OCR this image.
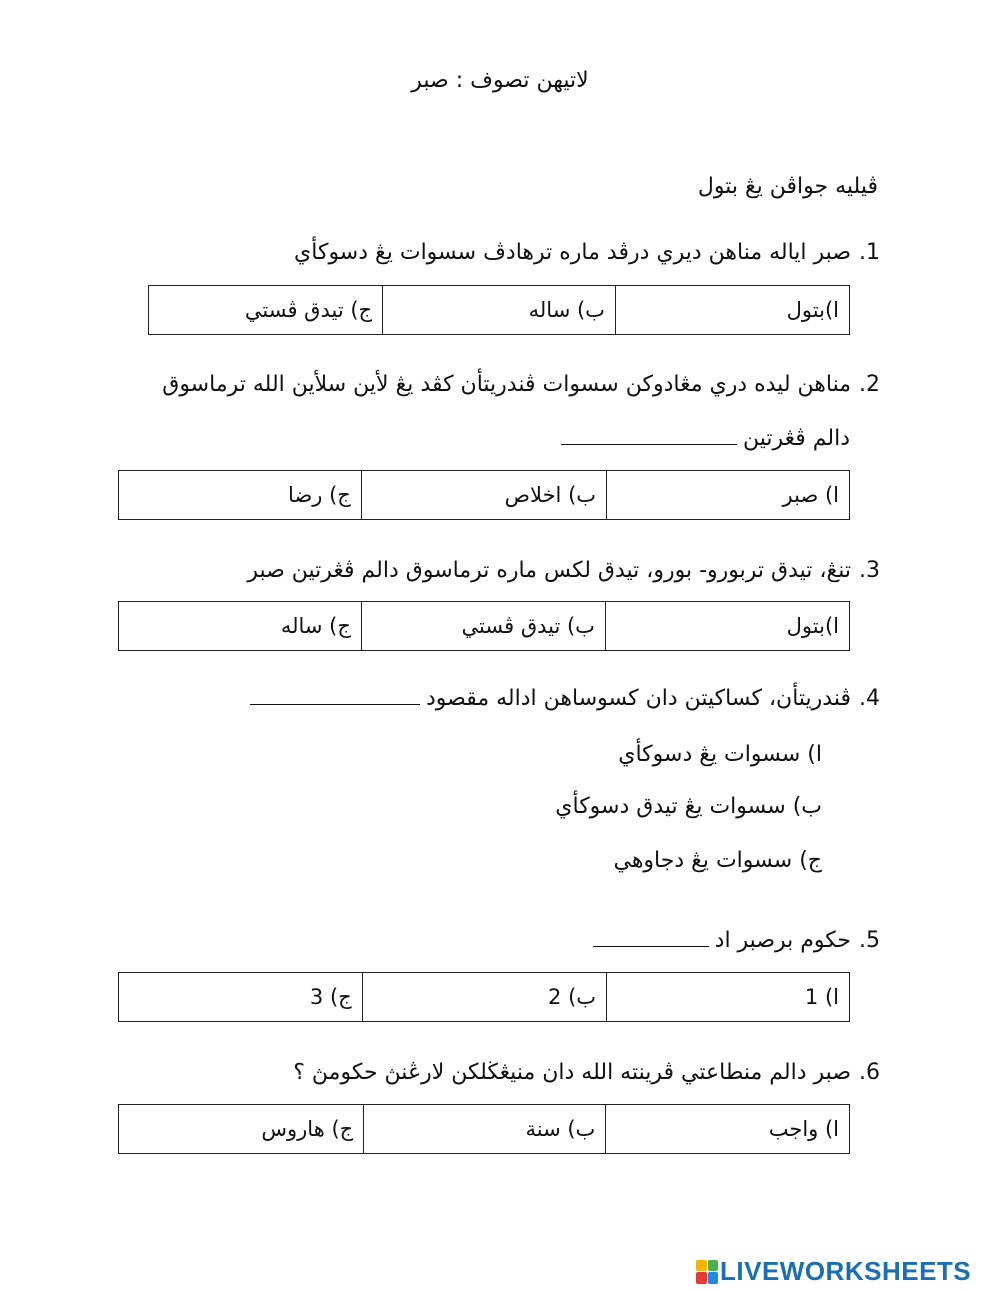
لاتيهن تصوف : صبر
ڤيليه جواڤن يڠ بتول
1.صبر اياله مناهن ديري درڤد ماره ترهادڤ سسوات يڠ دسوكأي
ا)بتول	ب) ساله	ج) تيدق ڤستي
2.مناهن ليده دري مڠادوكن سسوات ڤندريتأن كڤد يڠ لأين سلأين الله ترماسوق
دالم ڤڠرتين
ا) صبر	ب) اخلاص	ج) رضا
3.تنڠ، تيدق تربورو- بورو، تيدق لكس ماره ترماسوق دالم ڤڠرتين صبر
ا)بتول	ب) تيدق ڤستي	ج) ساله
4.ڤندريتأن، كساكيتن دان كسوساهن اداله مقصود
ا) سسوات يڠ دسوكأي
ب) سسوات يڠ تيدق دسوكأي
ج) سسوات يڠ دجاوهي
5.حكوم برصبر اد
ا) 1	ب) 2	ج) 3
6.صبر دالم منطاعتي ڤرينته الله دان منيڠڬلكن لارڠنڽ حكومڽ ؟
ا) واجب	ب) سنة	ج) هاروس
LIVEWORKSHEETS
